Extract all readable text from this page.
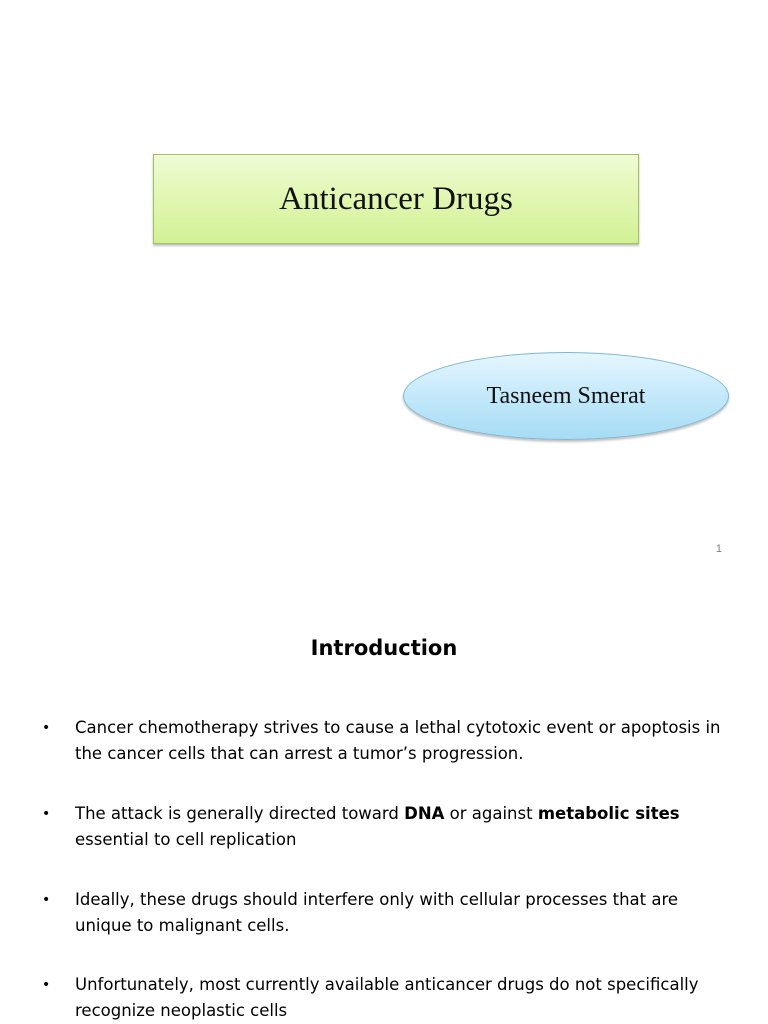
Anticancer Drugs
Tasneem Smerat
1
Introduction
•	Cancer chemotherapy strives to cause a lethal cytotoxic event or apoptosis in the cancer cells that can arrest a tumor’s progression.
•	The attack is generally directed toward DNA or against metabolic sites essential to cell replication
•	Ideally, these drugs should interfere only with cellular processes that are unique to malignant cells.
•	Unfortunately, most currently available anticancer drugs do not specifically recognize neoplastic cells
